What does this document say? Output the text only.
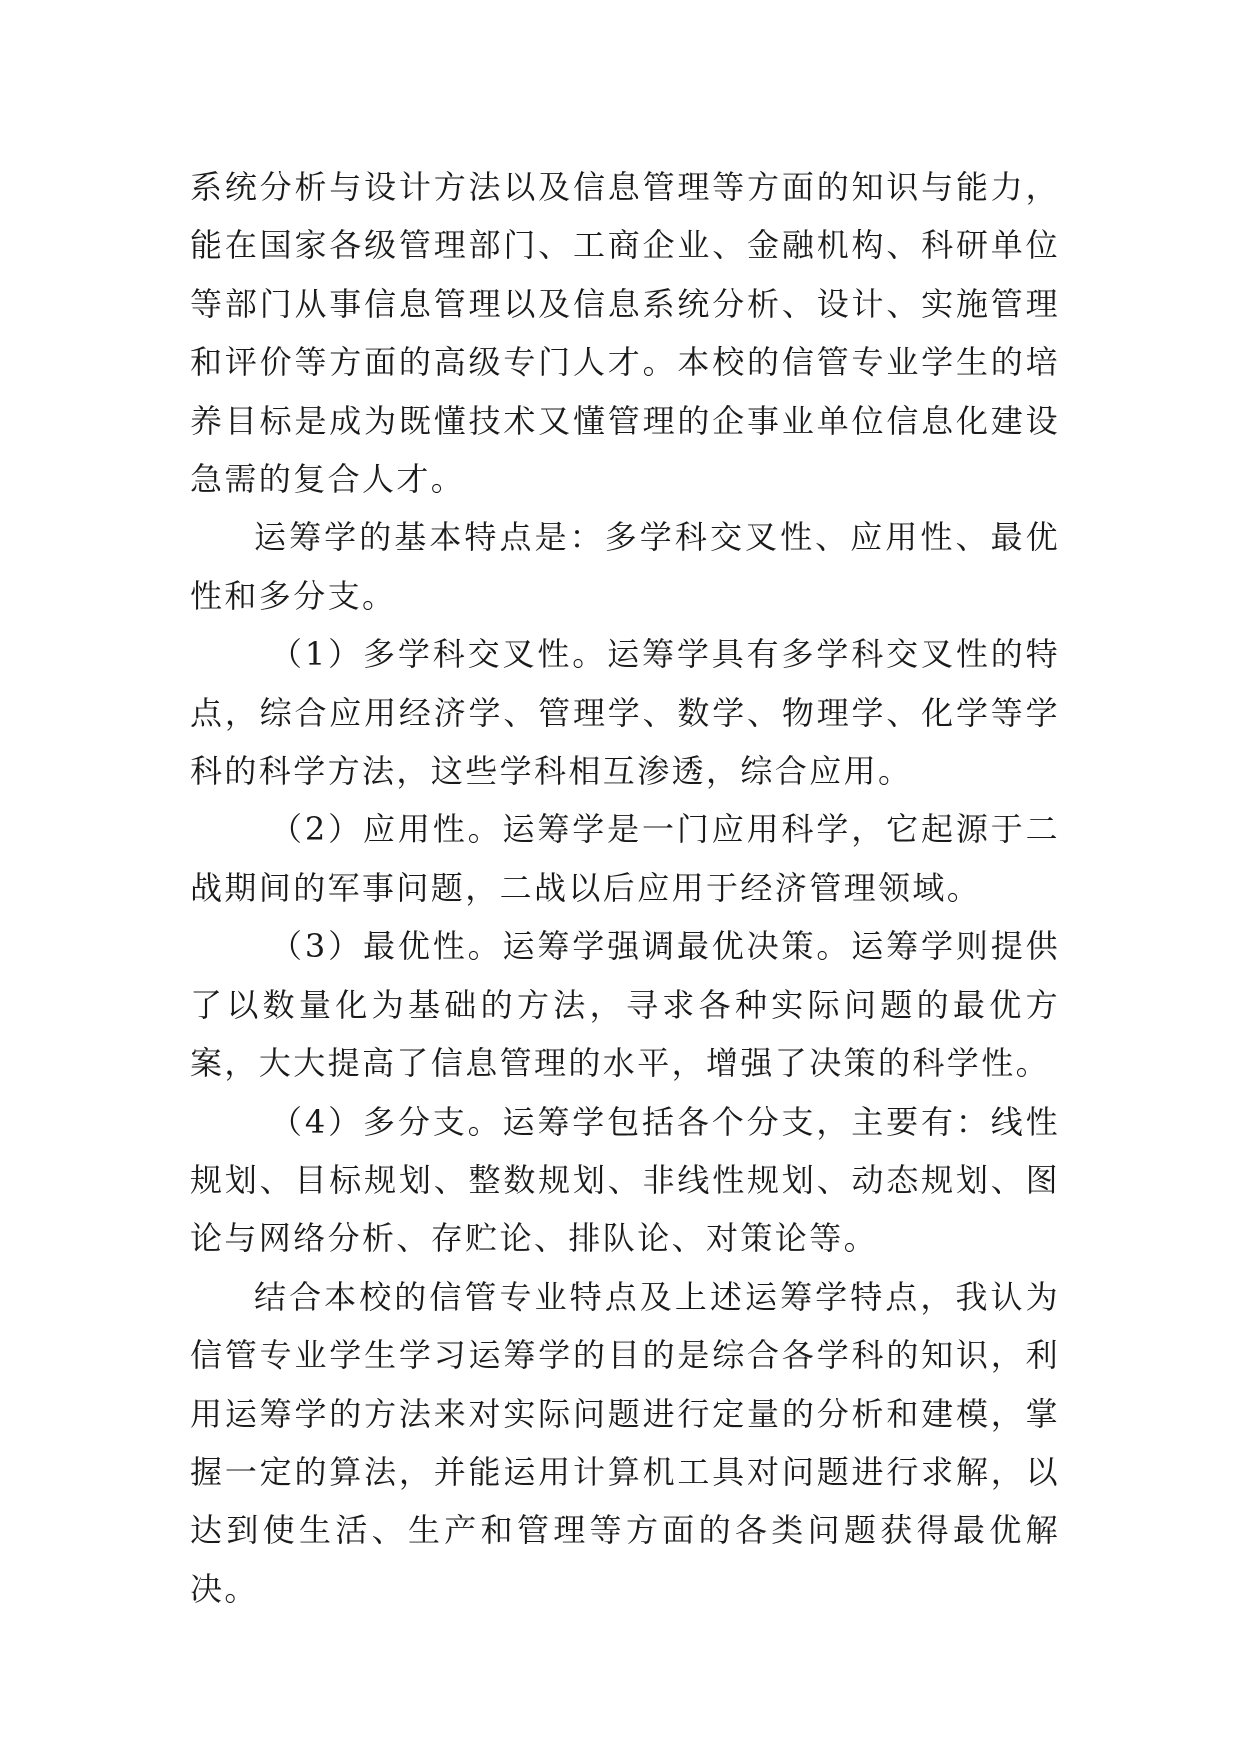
系统分析与设计方法以及信息管理等方面的知识与能力，能在国家各级管理部门、工商企业、金融机构、科研单位等部门从事信息管理以及信息系统分析、设计、实施管理和评价等方面的高级专门人才。本校的信管专业学生的培养目标是成为既懂技术又懂管理的企事业单位信息化建设急需的复合人才。

运筹学的基本特点是：多学科交叉性、应用性、最优性和多分支。

（1）多学科交叉性。运筹学具有多学科交叉性的特点，综合应用经济学、管理学、数学、物理学、化学等学科的科学方法，这些学科相互渗透，综合应用。

（2）应用性。运筹学是一门应用科学，它起源于二战期间的军事问题，二战以后应用于经济管理领域。

（3）最优性。运筹学强调最优决策。运筹学则提供了以数量化为基础的方法，寻求各种实际问题的最优方案，大大提高了信息管理的水平，增强了决策的科学性。

（4）多分支。运筹学包括各个分支，主要有：线性规划、目标规划、整数规划、非线性规划、动态规划、图论与网络分析、存贮论、排队论、对策论等。

结合本校的信管专业特点及上述运筹学特点，我认为信管专业学生学习运筹学的目的是综合各学科的知识，利用运筹学的方法来对实际问题进行定量的分析和建模，掌握一定的算法，并能运用计算机工具对问题进行求解，以达到使生活、生产和管理等方面的各类问题获得最优解决。
